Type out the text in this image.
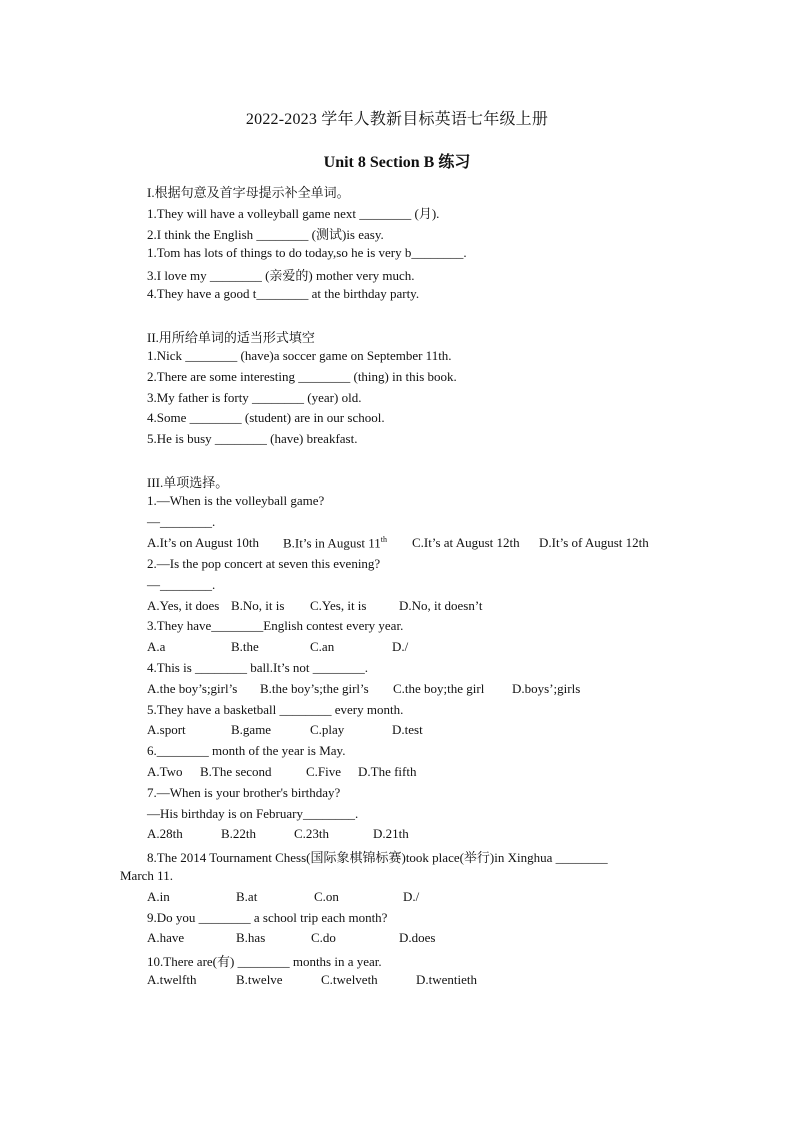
2022-2023 学年人教新目标英语七年级上册
Unit 8 Section B 练习
I.根据句意及首字母提示补全单词。
1.They will have a volleyball game next ________ (月).
2.I think the English ________ (测试)is easy.
1.Tom has lots of things to do today,so he is very b________.
3.I love my ________ (亲爱的) mother very much.
4.They have a good t________ at the birthday party.
II.用所给单词的适当形式填空
1.Nick ________ (have)a soccer game on September 11th.
2.There are some interesting ________ (thing) in this book.
3.My father is forty ________ (year) old.
4.Some ________ (student) are in our school.
5.He is busy ________ (have) breakfast.
III.单项选择。
1.—When is the volleyball game?
—________.
A.It’s on August 10th B.It’s in August 11th C.It’s at August 12th D.It’s of August 12th
2.—Is the pop concert at seven this evening?
—________.
A.Yes, it does B.No, it is C.Yes, it is	D.No, it doesn’t
3.They have________English contest every year.
A.a	B.the	C.an	D./
4.This is ________ ball.It’s not ________.
A.the boy’s;girl’s B.the boy’s;the girl’s C.the boy;the girl D.boys’;girls
5.They have a basketball ________ every month.
A.sport	B.game	C.play	D.test
6.________ month of the year is May.
A.Two B.The second	C.Five D.The fifth
7.—When is your brother's birthday?
—His birthday is on February________.
A.28th	B.22th	C.23th	D.21th
8.The 2014 Tournament Chess(国际象棋锦标赛)took place(举行)in Xinghua ________
March 11.
A.in	B.at	C.on	D./
9.Do you ________ a school trip each month?
A.have	B.has	C.do	D.does
10.There are(有) ________ months in a year.
A.twelfth	B.twelve	C.twelveth	D.twentieth
